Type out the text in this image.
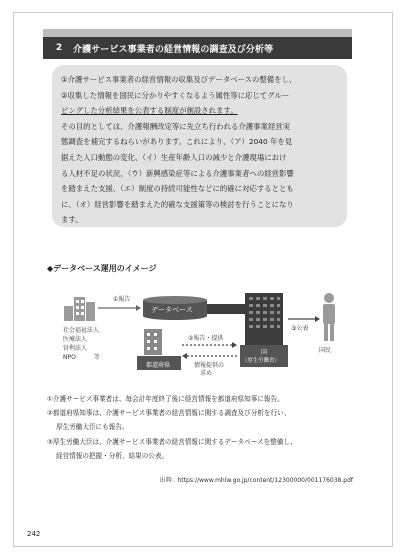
2	介護サービス事業者の経営情報の調査及び分析等

①介護サービス事業者の経営情報の収集及びデータベースの整備をし、

②収集した情報を国民に分かりやすくなるよう属性等に応じてグルー

ピングした分析結果を公表する制度が創設されます。

その目的としては、介護報酬改定等に先立ち行われる介護事業経営実

態調査を補完するねらいがあります。これにより、（ア）2040 年を見

据えた人口動態の変化、（イ）生産年齢人口の減少と介護現場におけ

る人材不足の状況、（ウ）新興感染症等による介護事業者への経営影響

を踏まえた支援、（エ）制度の持続可能性などに的確に対応するととも

に、（オ）経営影響を踏まえた的確な支援策等の検討を行うことになり

ます。

◆データベース運用のイメージ
①報告
データベース
社会福祉法人
医療法人
営利法人
NPO　　　等
②報告・提供
情報提供の
求め
都道府県
国
（厚生労働省）
③公表
国民

①介護サービス事業者は、毎会計年度終了後に経営情報を都道府県知事に報告。

②都道府県知事は、介護サービス事業者の経営情報に関する調査及び分析を行い、

厚生労働大臣にも報告。

③厚生労働大臣は、介護サービス事業者の経営情報に関するデータベースを整備し、

経営情報の把握・分析、結果の公表。

出典：https://www.mhlw.go.jp/content/12300000/001176038.pdf
242
